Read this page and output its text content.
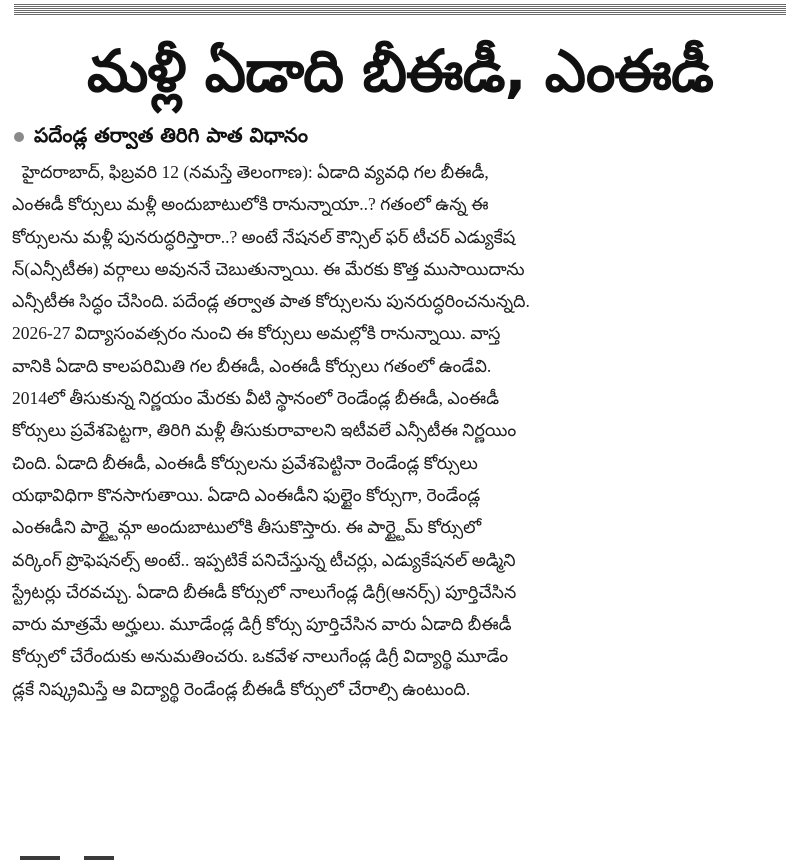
మళ్లీ ఏడాది బీఈడీ, ఎంఈడీ
పదేండ్ల తర్వాత తిరిగి పాత విధానం
హైదరాబాద్, ఫిబ్రవరి 12 (నమస్తే తెలంగాణ): ఏడాది వ్యవధి గల బీఈడీ,
ఎంఈడీ కోర్సులు మళ్లీ అందుబాటులోకి రానున్నాయా..? గతంలో ఉన్న ఈ
కోర్సులను మళ్లీ పునరుద్ధరిస్తారా..? అంటే నేషనల్ కౌన్సిల్ ఫర్ టీచర్ ఎడ్యుకేష
న్(ఎన్సీటీఈ) వర్గాలు అవుననే చెబుతున్నాయి. ఈ మేరకు కొత్త ముసాయిదాను
ఎన్సీటీఈ సిద్ధం చేసింది. పదేండ్ల తర్వాత పాత కోర్సులను పునరుద్ధరించనున్నది.
2026-27 విద్యాసంవత్సరం నుంచి ఈ కోర్సులు అమల్లోకి రానున్నాయి. వాస్త
వానికి ఏడాది కాలపరిమితి గల బీఈడీ, ఎంఈడీ కోర్సులు గతంలో ఉండేవి.
2014లో తీసుకున్న నిర్ణయం మేరకు వీటి స్థానంలో రెండేండ్ల బీఈడీ, ఎంఈడీ
కోర్సులు ప్రవేశపెట్టగా, తిరిగి మళ్లీ తీసుకురావాలని ఇటీవలే ఎన్సీటీఈ నిర్ణయిం
చింది. ఏడాది బీఈడీ, ఎంఈడీ కోర్సులను ప్రవేశపెట్టినా రెండేండ్ల కోర్సులు
యథావిధిగా కొనసాగుతాయి. ఏడాది ఎంఈడీని ఫుల్టైం కోర్సుగా, రెండేండ్ల
ఎంఈడీని పార్ట్టైమ్గా అందుబాటులోకి తీసుకొస్తారు. ఈ పార్ట్టైమ్ కోర్సులో
వర్కింగ్ ప్రొఫెషనల్స్ అంటే.. ఇప్పటికే పనిచేస్తున్న టీచర్లు, ఎడ్యుకేషనల్ అడ్మిని
స్ట్రేటర్లు చేరవచ్చు. ఏడాది బీఈడీ కోర్సులో నాలుగేండ్ల డిగ్రీ(ఆనర్స్) పూర్తిచేసిన
వారు మాత్రమే అర్హులు. మూడేండ్ల డిగ్రీ కోర్సు పూర్తిచేసిన వారు ఏడాది బీఈడీ
కోర్సులో చేరేందుకు అనుమతించరు. ఒకవేళ నాలుగేండ్ల డిగ్రీ విద్యార్థి మూడేం
డ్లకే నిష్క్రమిస్తే ఆ విద్యార్థి రెండేండ్ల బీఈడీ కోర్సులో చేరాల్సి ఉంటుంది.
